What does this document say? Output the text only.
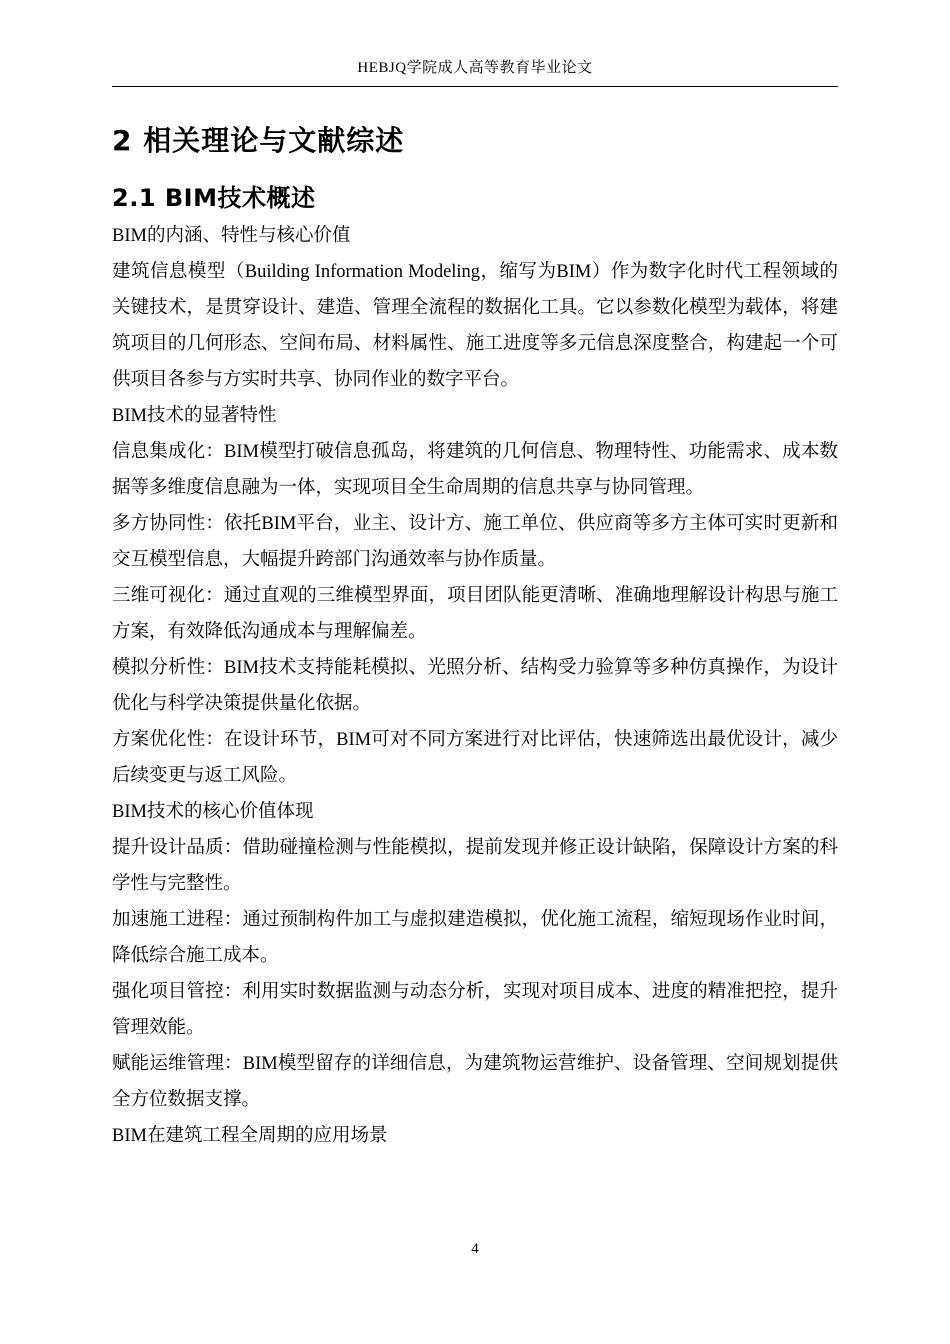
HEBJQ学院成人高等教育毕业论文
2 相关理论与文献综述
2.1 BIM技术概述

BIM的内涵、特性与核心价值

建筑信息模型（Building Information Modeling，缩写为BIM）作为数字化时代工程领域的关键技术，是贯穿设计、建造、管理全流程的数据化工具。它以参数化模型为载体，将建筑项目的几何形态、空间布局、材料属性、施工进度等多元信息深度整合，构建起一个可供项目各参与方实时共享、协同作业的数字平台。

BIM技术的显著特性

信息集成化：BIM模型打破信息孤岛，将建筑的几何信息、物理特性、功能需求、成本数据等多维度信息融为一体，实现项目全生命周期的信息共享与协同管理。

多方协同性：依托BIM平台，业主、设计方、施工单位、供应商等多方主体可实时更新和交互模型信息，大幅提升跨部门沟通效率与协作质量。

三维可视化：通过直观的三维模型界面，项目团队能更清晰、准确地理解设计构思与施工方案，有效降低沟通成本与理解偏差。

模拟分析性：BIM技术支持能耗模拟、光照分析、结构受力验算等多种仿真操作，为设计优化与科学决策提供量化依据。

方案优化性：在设计环节，BIM可对不同方案进行对比评估，快速筛选出最优设计，减少后续变更与返工风险。

BIM技术的核心价值体现

提升设计品质：借助碰撞检测与性能模拟，提前发现并修正设计缺陷，保障设计方案的科学性与完整性。

加速施工进程：通过预制构件加工与虚拟建造模拟，优化施工流程，缩短现场作业时间，降低综合施工成本。

强化项目管控：利用实时数据监测与动态分析，实现对项目成本、进度的精准把控，提升管理效能。

赋能运维管理：BIM模型留存的详细信息，为建筑物运营维护、设备管理、空间规划提供全方位数据支撑。

BIM在建筑工程全周期的应用场景

4
